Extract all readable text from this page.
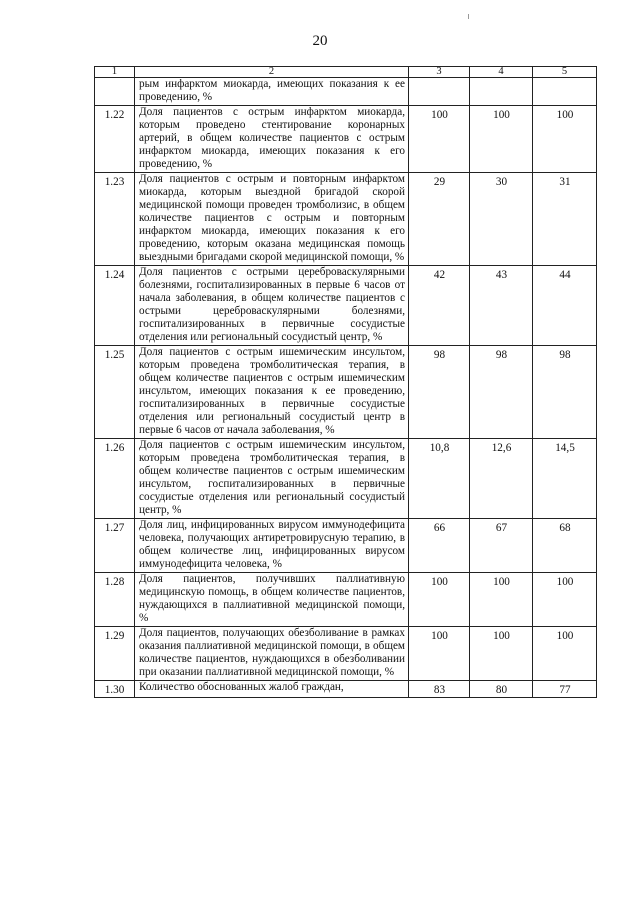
20
1	2	3	4	5
	рым инфарктом миокарда, имеющих показания к ее проведению, %			
1.22	Доля пациентов с острым инфарктом миокарда, которым проведено стентирование коронарных артерий, в общем количестве пациентов с острым инфарктом миокарда, имеющих показания к его проведению, %	100	100	100
1.23	Доля пациентов с острым и повторным инфарктом миокарда, которым выездной бригадой скорой медицинской помощи проведен тромболизис, в общем количестве пациентов с острым и повторным инфарктом миокарда, имеющих показания к его проведению, которым оказана медицинская помощь выездными бригадами скорой медицинской помощи, %	29	30	31
1.24	Доля пациентов с острыми цереброваскулярными болезнями, госпитализированных в первые 6 часов от начала заболевания, в общем количестве пациентов с острыми цереброваскулярными болезнями, госпитализированных в первичные сосудистые отделения или региональный сосудистый центр, %	42	43	44
1.25	Доля пациентов с острым ишемическим инсультом, которым проведена тромболитическая терапия, в общем количестве пациентов с острым ишемическим инсультом, имеющих показания к ее проведению, госпитализированных в первичные сосудистые отделения или региональный сосудистый центр в первые 6 часов от начала заболевания, %	98	98	98
1.26	Доля пациентов с острым ишемическим инсультом, которым проведена тромболитическая терапия, в общем количестве пациентов с острым ишемическим инсультом, госпитализированных в первичные сосудистые отделения или региональный сосудистый центр, %	10,8	12,6	14,5
1.27	Доля лиц, инфицированных вирусом иммунодефицита человека, получающих антиретровирусную терапию, в общем количестве лиц, инфицированных вирусом иммунодефицита человека, %	66	67	68
1.28	Доля пациентов, получивших паллиативную медицинскую помощь, в общем количестве пациентов, нуждающихся в паллиативной медицинской помощи, %	100	100	100
1.29	Доля пациентов, получающих обезболивание в рамках оказания паллиативной медицинской помощи, в общем количестве пациентов, нуждающихся в обезболивании при оказании паллиативной медицинской помощи, %	100	100	100
1.30	Количество обоснованных жалоб граждан,	83	80	77
